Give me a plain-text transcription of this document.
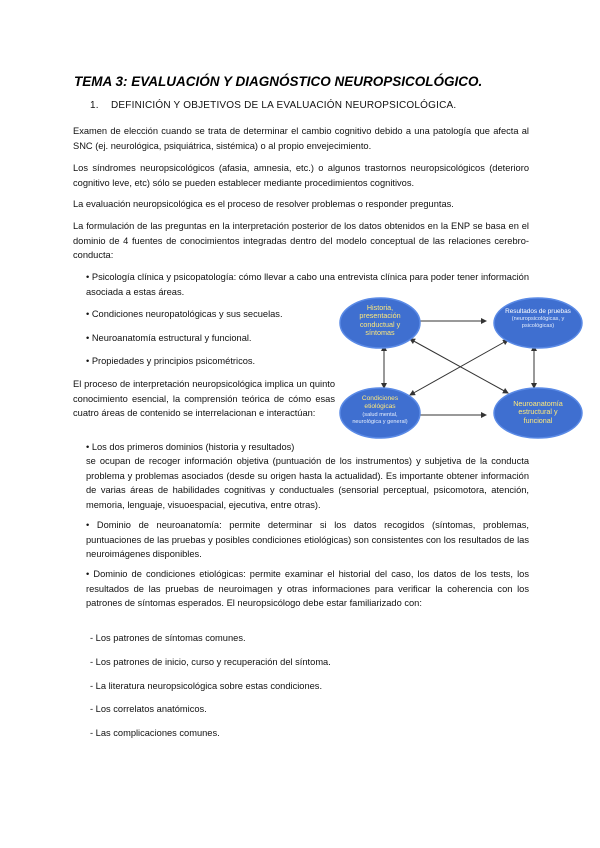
TEMA 3: EVALUACIÓN Y DIAGNÓSTICO NEUROPSICOLÓGICO.
1. DEFINICIÓN Y OBJETIVOS DE LA EVALUACIÓN NEUROPSICOLÓGICA.

Examen de elección cuando se trata de determinar el cambio cognitivo debido a una patología que afecta al SNC (ej. neurológica, psiquiátrica, sistémica) o al propio envejecimiento.

Los síndromes neuropsicológicos (afasia, amnesia, etc.) o algunos trastornos neuropsicológicos (deterioro cognitivo leve, etc) sólo se pueden establecer mediante procedimientos cognitivos.

La evaluación neuropsicológica es el proceso de resolver problemas o responder preguntas.

La formulación de las preguntas en la interpretación posterior de los datos obtenidos en la ENP se basa en el dominio de 4 fuentes de conocimientos integradas dentro del modelo conceptual de las relaciones cerebro-conducta:

• Psicología clínica y psicopatología: cómo llevar a cabo una entrevista clínica para poder tener información asociada a estas áreas.

• Condiciones neuropatológicas y sus secuelas.

• Neuroanatomía estructural y funcional.

• Propiedades y principios psicométricos.

El proceso de interpretación neuropsicológica implica un quinto conocimiento esencial, la comprensión teórica de cómo esas cuatro áreas de contenido se interrelacionan e interactúan:

• Los dos primeros dominios (historia y resultados)

se ocupan de recoger información objetiva (puntuación de los instrumentos) y subjetiva de la conducta problema y problemas asociados (desde su origen hasta la actualidad). Es importante obtener información de varias áreas de habilidades cognitivas y conductuales (sensorial perceptual, psicomotora, atención, memoria, lenguaje, visuoespacial, ejecutiva, entre otras).

• Dominio de neuroanatomía: permite determinar si los datos recogidos (síntomas, problemas, puntuaciones de las pruebas y posibles condiciones etiológicas) son consistentes con los resultados de las neuroimágenes disponibles.

• Dominio de condiciones etiológicas: permite examinar el historial del caso, los datos de los tests, los resultados de las pruebas de neuroimagen y otras informaciones para verificar la coherencia con los patrones de síntomas esperados. El neuropsicólogo debe estar familiarizado con:

- Los patrones de síntomas comunes.

- Los patrones de inicio, curso y recuperación del síntoma.

- La literatura neuropsicológica sobre estas condiciones.

- Los correlatos anatómicos.

- Las complicaciones comunes.

Historia, presentación conductual y síntomas
Resultados de pruebas
(neuropsicológicas, y psicológicas)
Condiciones etiológicas
(salud mental, neurológica y general)
Neuroanatomía estructural y funcional
